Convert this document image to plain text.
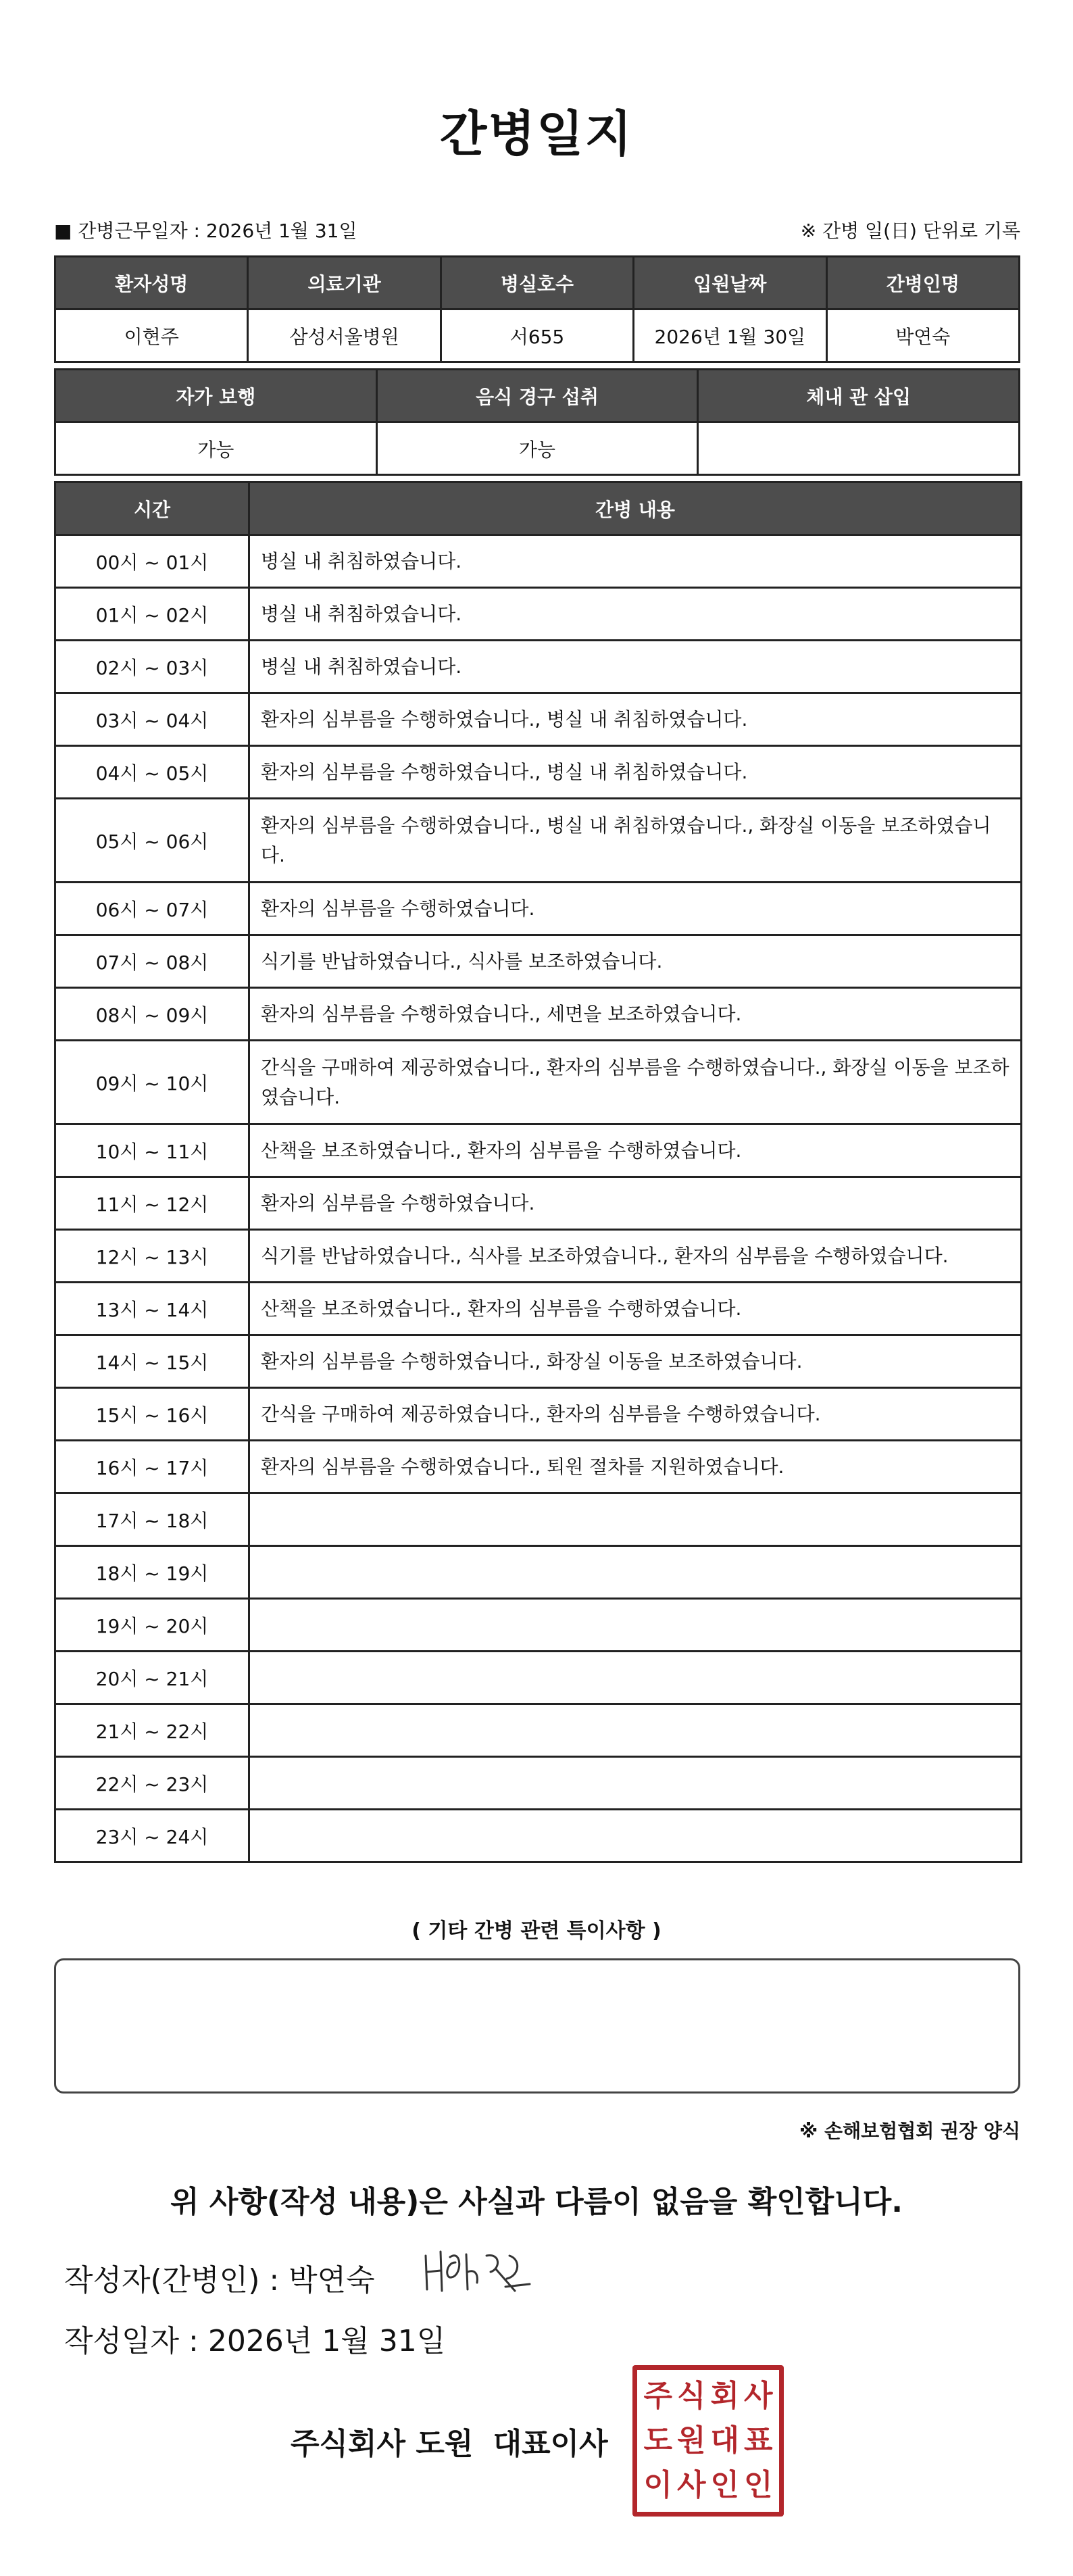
간병일지
■ 간병근무일자 : 2026년 1월 31일	※ 간병 일(日) 단위로 기록
환자성명	의료기관	병실호수	입원날짜	간병인명
이현주	삼성서울병원	서655	2026년 1월 30일	박연숙
자가 보행	음식 경구 섭취	체내 관 삽입
가능	가능	
시간	간병 내용
00시 ~ 01시	병실 내 취침하였습니다.
01시 ~ 02시	병실 내 취침하였습니다.
02시 ~ 03시	병실 내 취침하였습니다.
03시 ~ 04시	환자의 심부름을 수행하였습니다., 병실 내 취침하였습니다.
04시 ~ 05시	환자의 심부름을 수행하였습니다., 병실 내 취침하였습니다.
05시 ~ 06시	환자의 심부름을 수행하였습니다., 병실 내 취침하였습니다., 화장실 이동을 보조하였습니다.
06시 ~ 07시	환자의 심부름을 수행하였습니다.
07시 ~ 08시	식기를 반납하였습니다., 식사를 보조하였습니다.
08시 ~ 09시	환자의 심부름을 수행하였습니다., 세면을 보조하였습니다.
09시 ~ 10시	간식을 구매하여 제공하였습니다., 환자의 심부름을 수행하였습니다., 화장실 이동을 보조하였습니다.
10시 ~ 11시	산책을 보조하였습니다., 환자의 심부름을 수행하였습니다.
11시 ~ 12시	환자의 심부름을 수행하였습니다.
12시 ~ 13시	식기를 반납하였습니다., 식사를 보조하였습니다., 환자의 심부름을 수행하였습니다.
13시 ~ 14시	산책을 보조하였습니다., 환자의 심부름을 수행하였습니다.
14시 ~ 15시	환자의 심부름을 수행하였습니다., 화장실 이동을 보조하였습니다.
15시 ~ 16시	간식을 구매하여 제공하였습니다., 환자의 심부름을 수행하였습니다.
16시 ~ 17시	환자의 심부름을 수행하였습니다., 퇴원 절차를 지원하였습니다.
17시 ~ 18시	
18시 ~ 19시	
19시 ~ 20시	
20시 ~ 21시	
21시 ~ 22시	
22시 ~ 23시	
23시 ~ 24시	
( 기타 간병 관련 특이사항 )
※ 손해보험협회 권장 양식
위 사항(작성 내용)은 사실과 다름이 없음을 확인합니다.
작성자(간병인) : 박연숙
작성일자 : 2026년 1월 31일
주식회사 도원 대표이사
주 식 회 사
도 원 대 표
이 사 인 인
